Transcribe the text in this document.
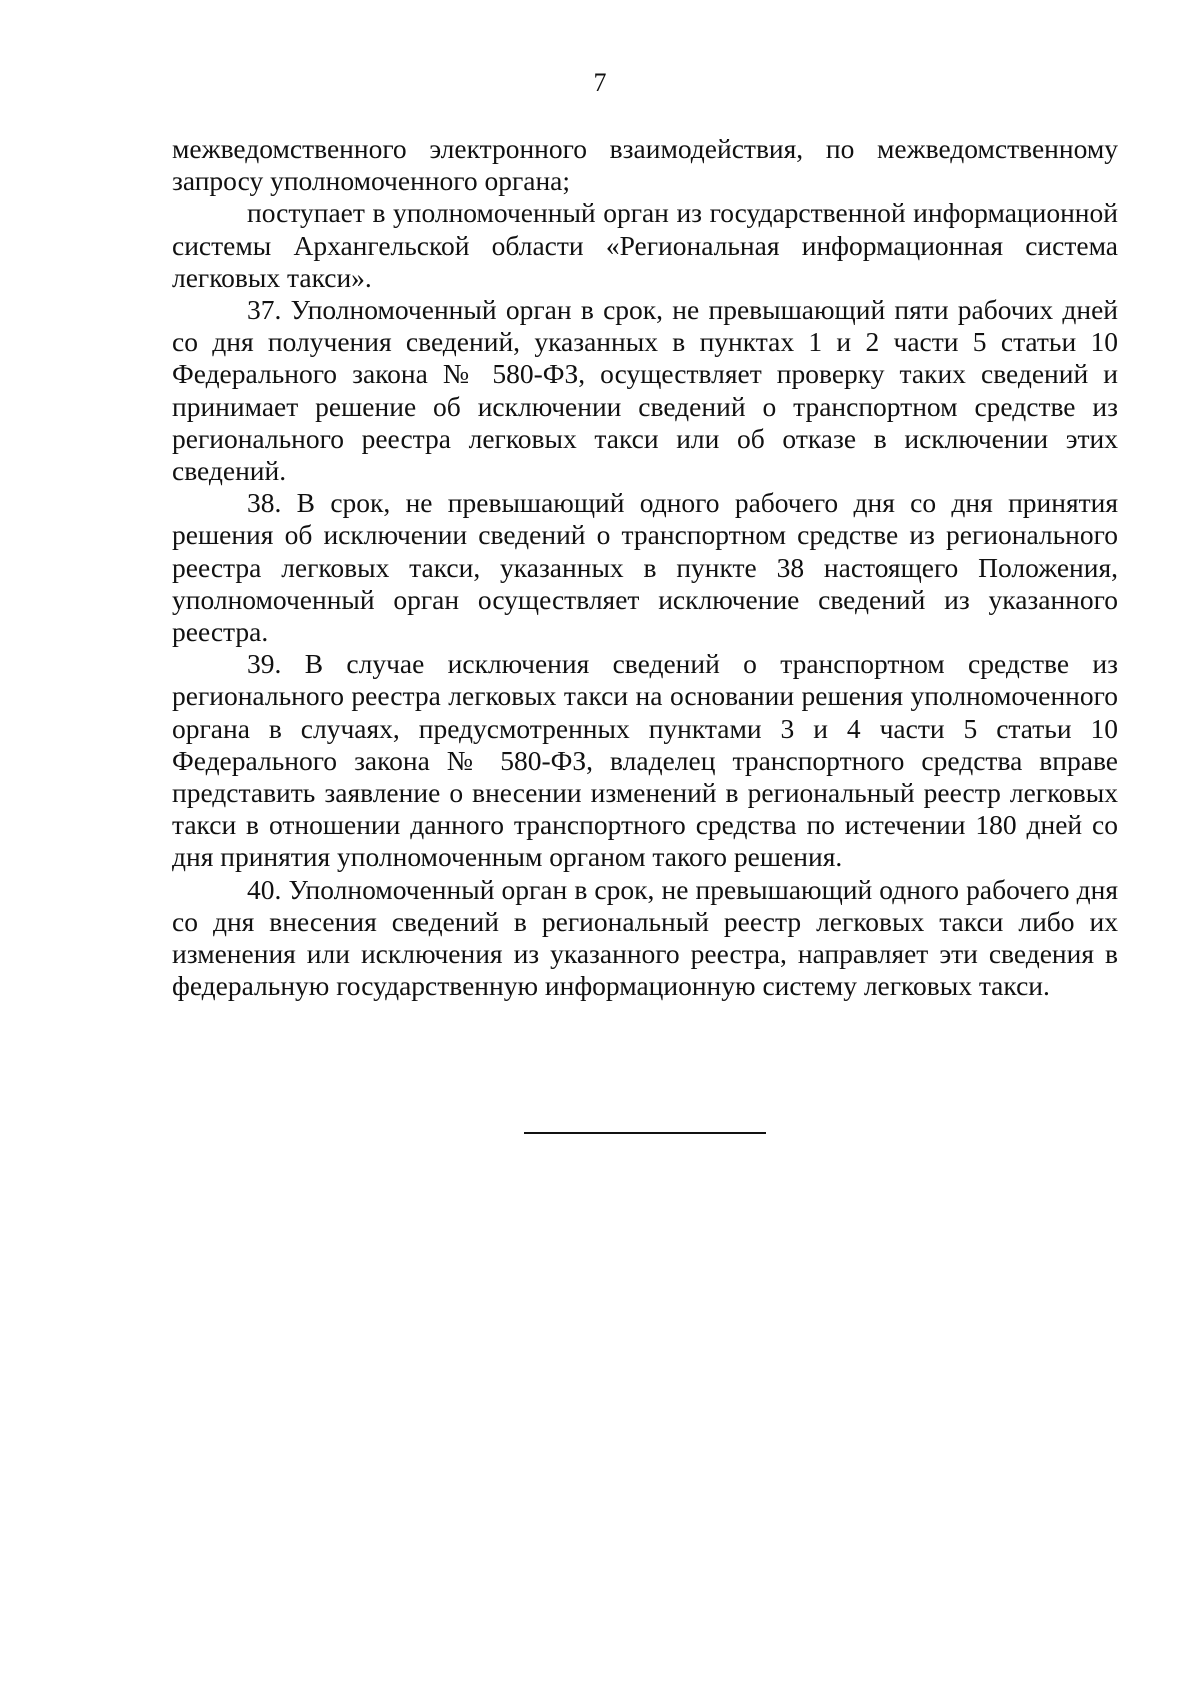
7

межведомственного электронного взаимодействия, по межведомственному запросу уполномоченного органа;

поступает в уполномоченный орган из государственной информационной системы Архангельской области «Региональная информационная система легковых такси».

37. Уполномоченный орган в срок, не превышающий пяти рабочих дней со дня получения сведений, указанных в пунктах 1 и 2 части 5 статьи 10 Федерального закона № 580-ФЗ, осуществляет проверку таких сведений и принимает решение об исключении сведений о транспортном средстве из регионального реестра легковых такси или об отказе в исключении этих сведений.

38. В срок, не превышающий одного рабочего дня со дня принятия решения об исключении сведений о транспортном средстве из регионального реестра легковых такси, указанных в пункте 38 настоящего Положения, уполномоченный орган осуществляет исключение сведений из указанного реестра.

39. В случае исключения сведений о транспортном средстве из регионального реестра легковых такси на основании решения уполномоченного органа в случаях, предусмотренных пунктами 3 и 4 части 5 статьи 10 Федерального закона № 580-ФЗ, владелец транспортного средства вправе представить заявление о внесении изменений в региональный реестр легковых такси в отношении данного транспортного средства по истечении 180 дней со дня принятия уполномоченным органом такого решения.

40. Уполномоченный орган в срок, не превышающий одного рабочего дня со дня внесения сведений в региональный реестр легковых такси либо их изменения или исключения из указанного реестра, направляет эти сведения в федеральную государственную информационную систему легковых такси.
